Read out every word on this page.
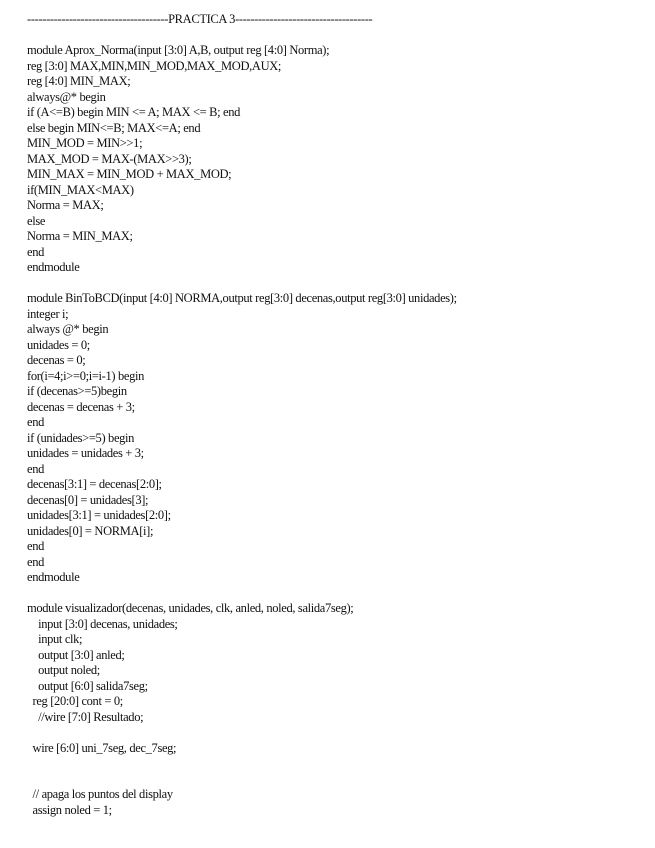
-------------------------------------PRACTICA 3------------------------------------
module Aprox_Norma(input [3:0] A,B, output reg [4:0] Norma);
reg [3:0] MAX,MIN,MIN_MOD,MAX_MOD,AUX;
reg [4:0] MIN_MAX;
always@* begin
if (A<=B) begin MIN <= A; MAX <= B; end
else begin MIN<=B; MAX<=A; end
MIN_MOD = MIN>>1;
MAX_MOD = MAX-(MAX>>3);
MIN_MAX = MIN_MOD + MAX_MOD;
if(MIN_MAX<MAX)
Norma = MAX;
else
Norma = MIN_MAX;
end
endmodule
module BinToBCD(input [4:0] NORMA,output reg[3:0] decenas,output reg[3:0] unidades);
integer i;
always @* begin
unidades = 0;
decenas = 0;
for(i=4;i>=0;i=i-1) begin
if (decenas>=5)begin
decenas = decenas + 3;
end
if (unidades>=5) begin
unidades = unidades + 3;
end
decenas[3:1] = decenas[2:0];
decenas[0] = unidades[3];
unidades[3:1] = unidades[2:0];
unidades[0] = NORMA[i];
end
end
endmodule
module visualizador(decenas, unidades, clk, anled, noled, salida7seg);
input [3:0] decenas, unidades;
input clk;
output [3:0] anled;
output noled;
output [6:0] salida7seg;
reg [20:0] cont = 0;
//wire [7:0] Resultado;
wire [6:0] uni_7seg, dec_7seg;
// apaga los puntos del display
assign noled = 1;
